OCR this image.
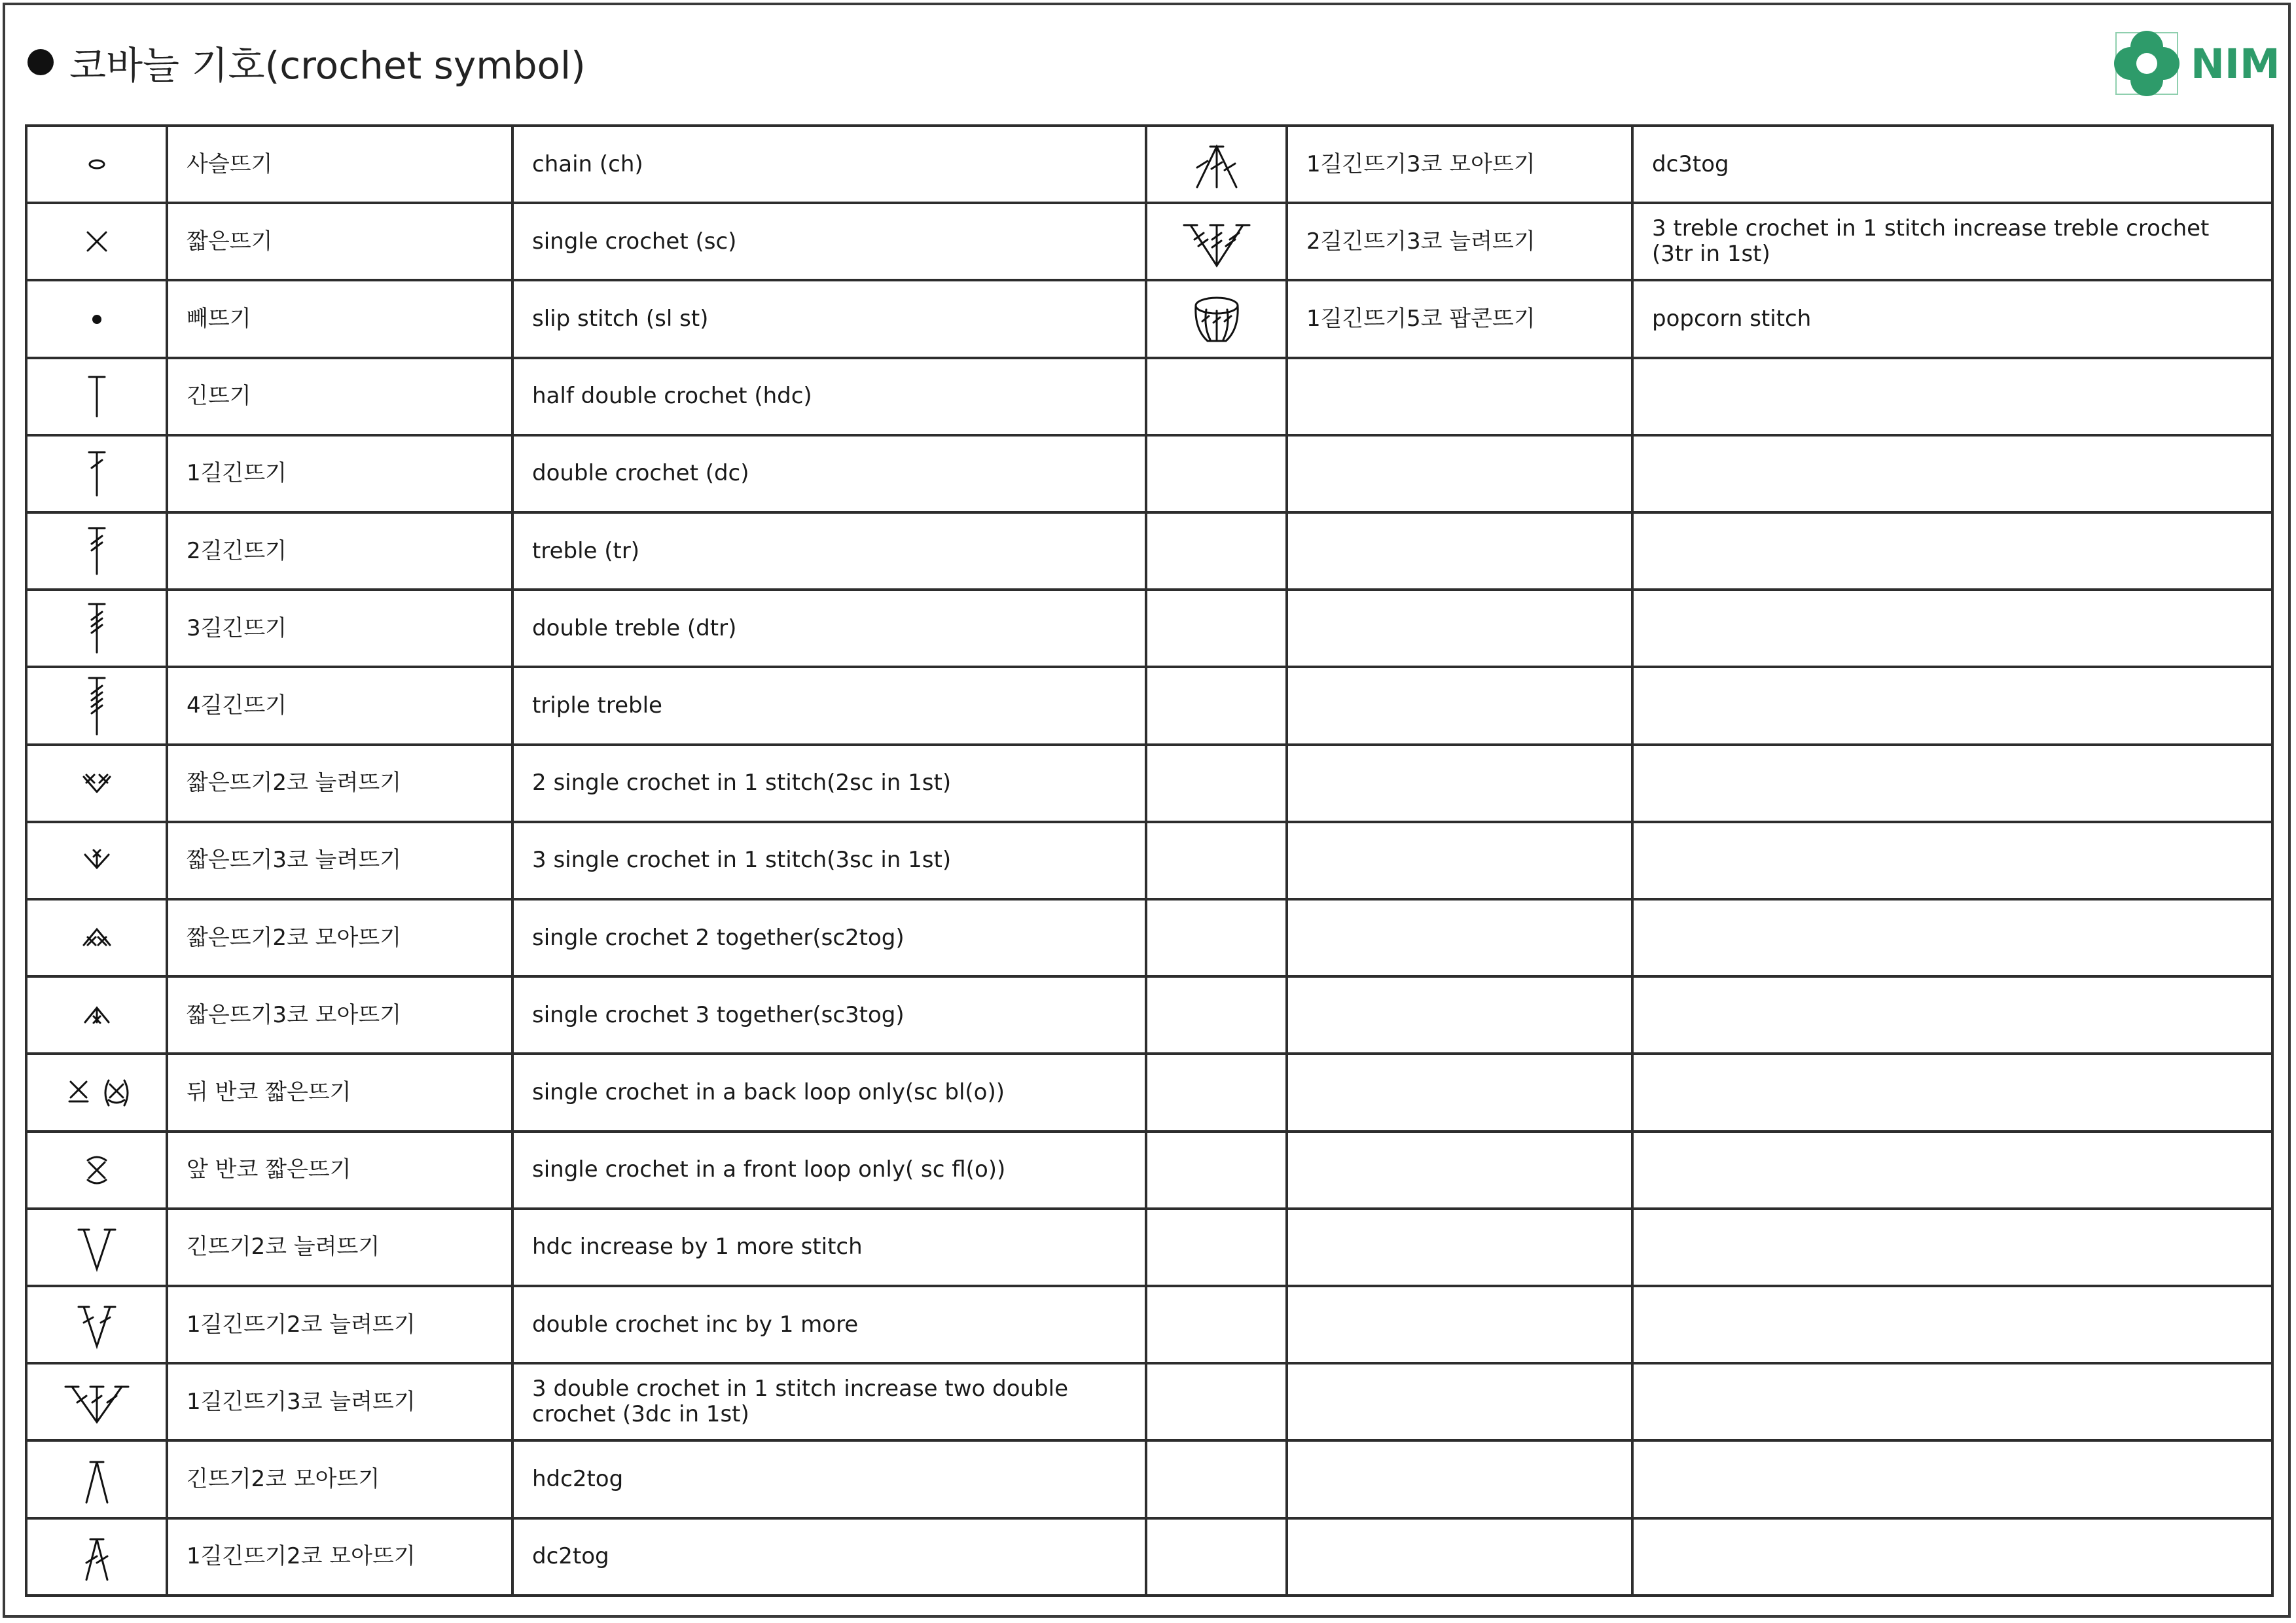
코바늘 기호(crochet symbol)	NIM
	사슬뜨기	chain (ch)		1길긴뜨기3코 모아뜨기	dc3tog

	짧은뜨기	single crochet (sc)		2길긴뜨기3코 늘려뜨기	3 treble crochet in 1 stitch increase treble crochet (3tr in 1st)

	빼뜨기	slip stitch (sl st)		1길긴뜨기5코 팝콘뜨기	popcorn stitch

	긴뜨기	half double crochet (hdc)			

	1길긴뜨기	double crochet (dc)			

	2길긴뜨기	treble (tr)			

	3길긴뜨기	double treble (dtr)			

	4길긴뜨기	triple treble			

	짧은뜨기2코 늘려뜨기	2 single crochet in 1 stitch(2sc in 1st)			

	짧은뜨기3코 늘려뜨기	3 single crochet in 1 stitch(3sc in 1st)			

	짧은뜨기2코 모아뜨기	single crochet 2 together(sc2tog)			

	짧은뜨기3코 모아뜨기	single crochet 3 together(sc3tog)			

	뒤 반코 짧은뜨기	single crochet in a back loop only(sc bl(o))			

	앞 반코 짧은뜨기	single crochet in a front loop only( sc fl(o))			

	긴뜨기2코 늘려뜨기	hdc increase by 1 more stitch			

	1길긴뜨기2코 늘려뜨기	double crochet inc by 1 more			

	1길긴뜨기3코 늘려뜨기	3 double crochet in 1 stitch increase two double crochet (3dc in 1st)			

	긴뜨기2코 모아뜨기	hdc2tog			

	1길긴뜨기2코 모아뜨기	dc2tog			
